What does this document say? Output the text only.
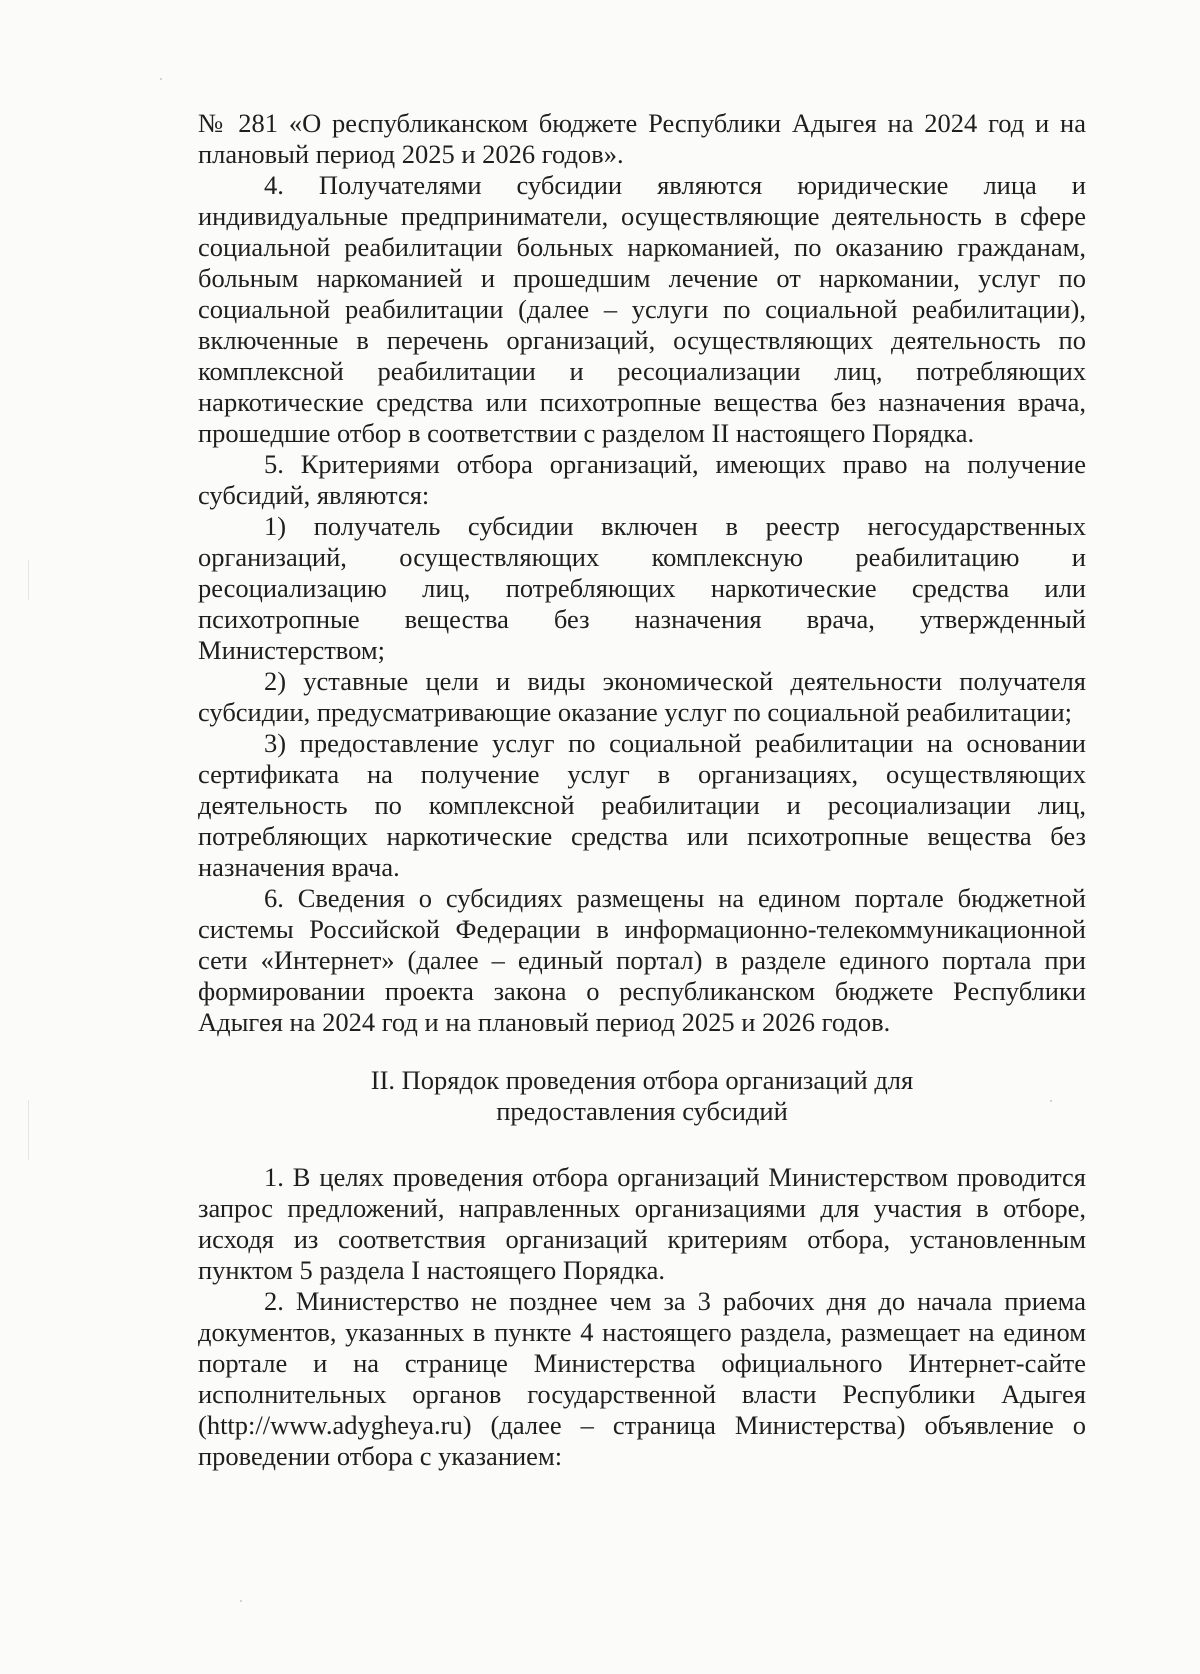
№ 281 «О республиканском бюджете Республики Адыгея на 2024 год и на плановый период 2025 и 2026 годов».

4. Получателями субсидии являются юридические лица и индивидуальные предприниматели, осуществляющие деятельность в сфере социальной реабилитации больных наркоманией, по оказанию гражданам, больным наркоманией и прошедшим лечение от наркомании, услуг по социальной реабилитации (далее – услуги по социальной реабилитации), включенные в перечень организаций, осуществляющих деятельность по комплексной реабилитации и ресоциализации лиц, потребляющих наркотические средства или психотропные вещества без назначения врача, прошедшие отбор в соответствии с разделом II настоящего Порядка.

5. Критериями отбора организаций, имеющих право на получение субсидий, являются:

1) получатель субсидии включен в реестр негосударственных организаций, осуществляющих комплексную реабилитацию и ресоциализацию лиц, потребляющих наркотические средства или психотропные вещества без назначения врача, утвержденный Министерством;

2) уставные цели и виды экономической деятельности получателя субсидии, предусматривающие оказание услуг по социальной реабилитации;

3) предоставление услуг по социальной реабилитации на основании сертификата на получение услуг в организациях, осуществляющих деятельность по комплексной реабилитации и ресоциализации лиц, потребляющих наркотические средства или психотропные вещества без назначения врача.

6. Сведения о субсидиях размещены на едином портале бюджетной системы Российской Федерации в информационно-телекоммуникационной сети «Интернет» (далее – единый портал) в разделе единого портала при формировании проекта закона о республиканском бюджете Республики Адыгея на 2024 год и на плановый период 2025 и 2026 годов.

II. Порядок проведения отбора организаций для

предоставления субсидий

1. В целях проведения отбора организаций Министерством проводится запрос предложений, направленных организациями для участия в отборе, исходя из соответствия организаций критериям отбора, установленным пунктом 5 раздела I настоящего Порядка.

2. Министерство не позднее чем за 3 рабочих дня до начала приема документов, указанных в пункте 4 настоящего раздела, размещает на едином портале и на странице Министерства официального Интернет-сайте исполнительных органов государственной власти Республики Адыгея (http://www.adygheya.ru) (далее – страница Министерства) объявление о проведении отбора с указанием:
